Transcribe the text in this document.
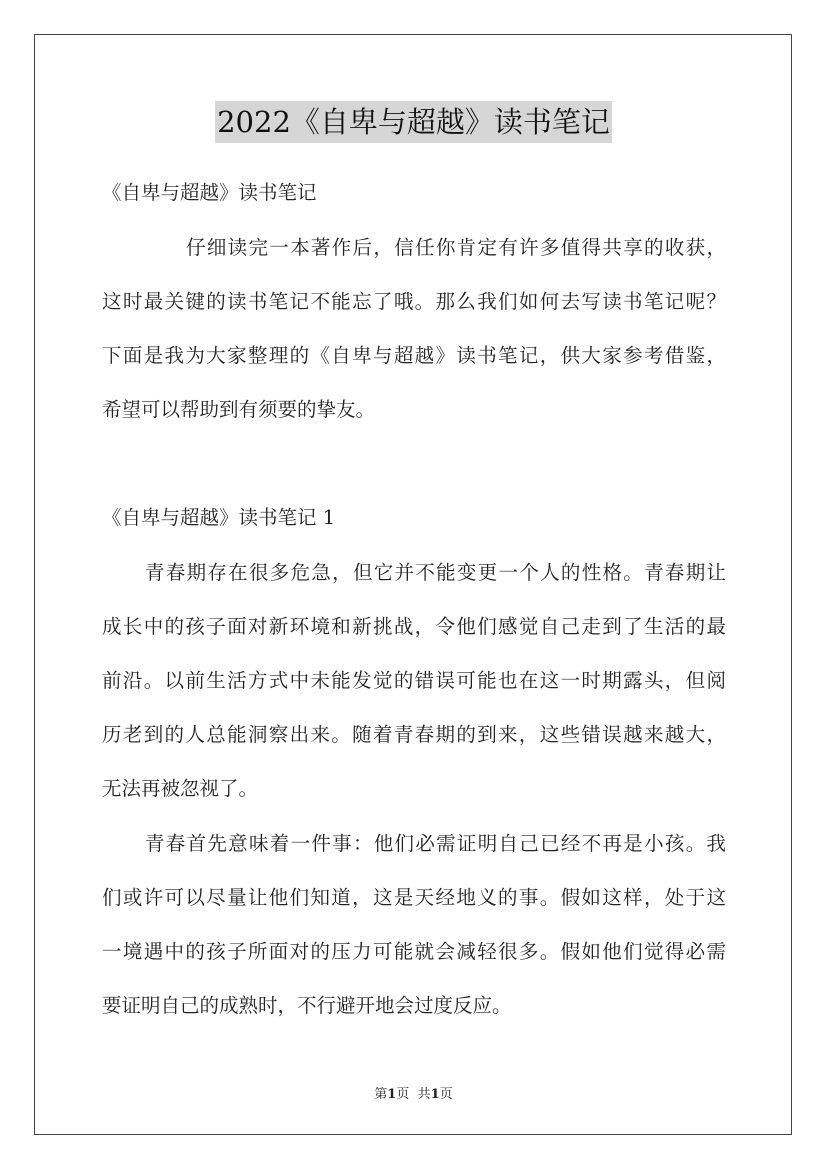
2022《自卑与超越》读书笔记
《自卑与超越》读书笔记
仔细读完一本著作后，信任你肯定有许多值得共享的收获，
这时最关键的读书笔记不能忘了哦。那么我们如何去写读书笔记呢？
下面是我为大家整理的《自卑与超越》读书笔记，供大家参考借鉴，
希望可以帮助到有须要的挚友。
《自卑与超越》读书笔记 1
青春期存在很多危急，但它并不能变更一个人的性格。青春期让
成长中的孩子面对新环境和新挑战，令他们感觉自己走到了生活的最
前沿。以前生活方式中未能发觉的错误可能也在这一时期露头，但阅
历老到的人总能洞察出来。随着青春期的到来，这些错误越来越大，
无法再被忽视了。
青春首先意味着一件事：他们必需证明自己已经不再是小孩。我
们或许可以尽量让他们知道，这是天经地义的事。假如这样，处于这
一境遇中的孩子所面对的压力可能就会减轻很多。假如他们觉得必需
要证明自己的成熟时，不行避开地会过度反应。
第1页 共1页
